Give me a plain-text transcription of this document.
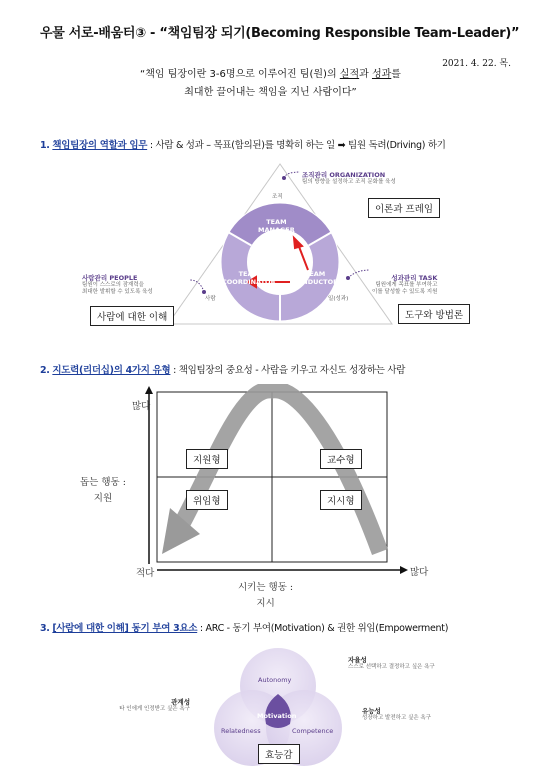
우물 서로-배움터③ - “책임팀장 되기(Becoming Responsible Team-Leader)”
2021. 4. 22. 목.
“책임 팀장이란 3-6명으로 이루어진 팀(원)의 실적과 성과를
최대한 끌어내는 책임을 지닌 사람이다”
1. 책임팀장의 역할과 임무 : 사람 & 성과 – 목표(합의된)를 명확히 하는 일 ➡ 팀원 독려(Driving) 하기
TEAM
MANAGER
TEAM
COORDINATOR
TEAM
CONDUCTOR
조직
사람	일(성과)
조직관리 ORGANIZATION
팀의 방향을 설정하고 조직 문화를 육성
사람관리 PEOPLE
팀원이 스스로의 잠재력을
최대한 발휘할 수 있도록 육성
성과관리 TASK
팀원에게 목표를 부여하고
이를 달성할 수 있도록 지원
이론과 프레임
사람에 대한 이해	도구와 방법론
2. 지도력(리더십)의 4가지 유형 : 책임팀장의 중요성 - 사람을 키우고 자신도 성장하는 사람
많다
적다	많다
돕는 행동 :
지원
시키는 행동 :
지시
지원형	교수형
위임형	지시형
3. [사람에 대한 이해] 동기 부여 3요소 : ARC - 동기 부여(Motivation) & 권한 위임(Empowerment)
Autonomy
Relatedness	Competence
Motivation
자율성
스스로 선택하고 결정하고 싶은 욕구
관계성
타 인에게 인정받고 싶은 욕구	유능성
성장하고 발전하고 싶은 욕구
효능감
